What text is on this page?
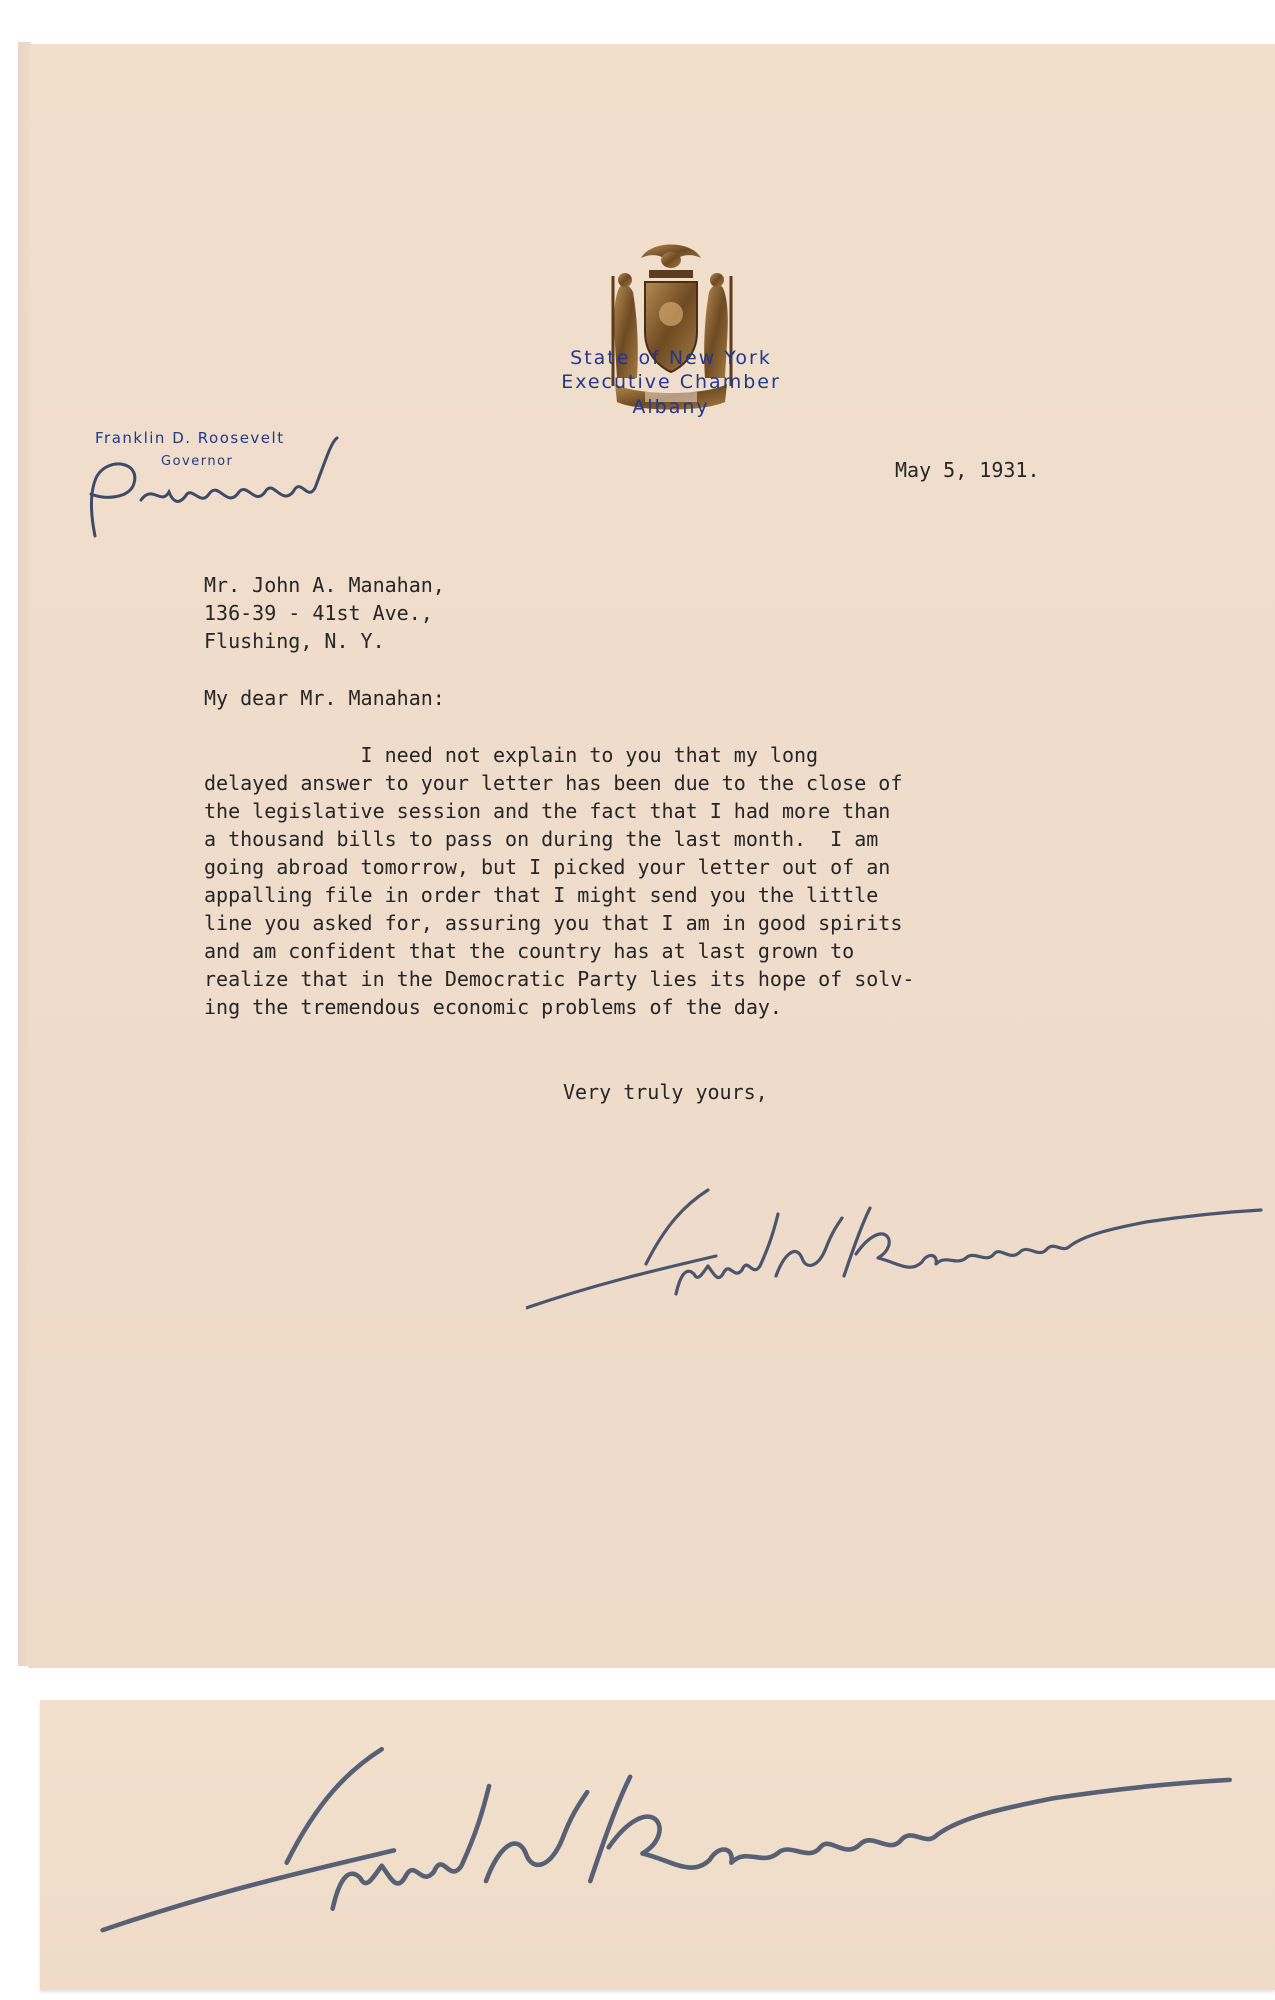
State of New York
Executive Chamber
Albany
Franklin D. Roosevelt
Governor	May 5, 1931.
Mr. John A. Manahan,
136-39 - 41st Ave.,
Flushing, N. Y.
My dear Mr. Manahan:
I need not explain to you that my long
delayed answer to your letter has been due to the close of
the legislative session and the fact that I had more than
a thousand bills to pass on during the last month.  I am
going abroad tomorrow, but I picked your letter out of an
appalling file in order that I might send you the little
line you asked for, assuring you that I am in good spirits
and am confident that the country has at last grown to
realize that in the Democratic Party lies its hope of solv-
ing the tremendous economic problems of the day.
Very truly yours,
